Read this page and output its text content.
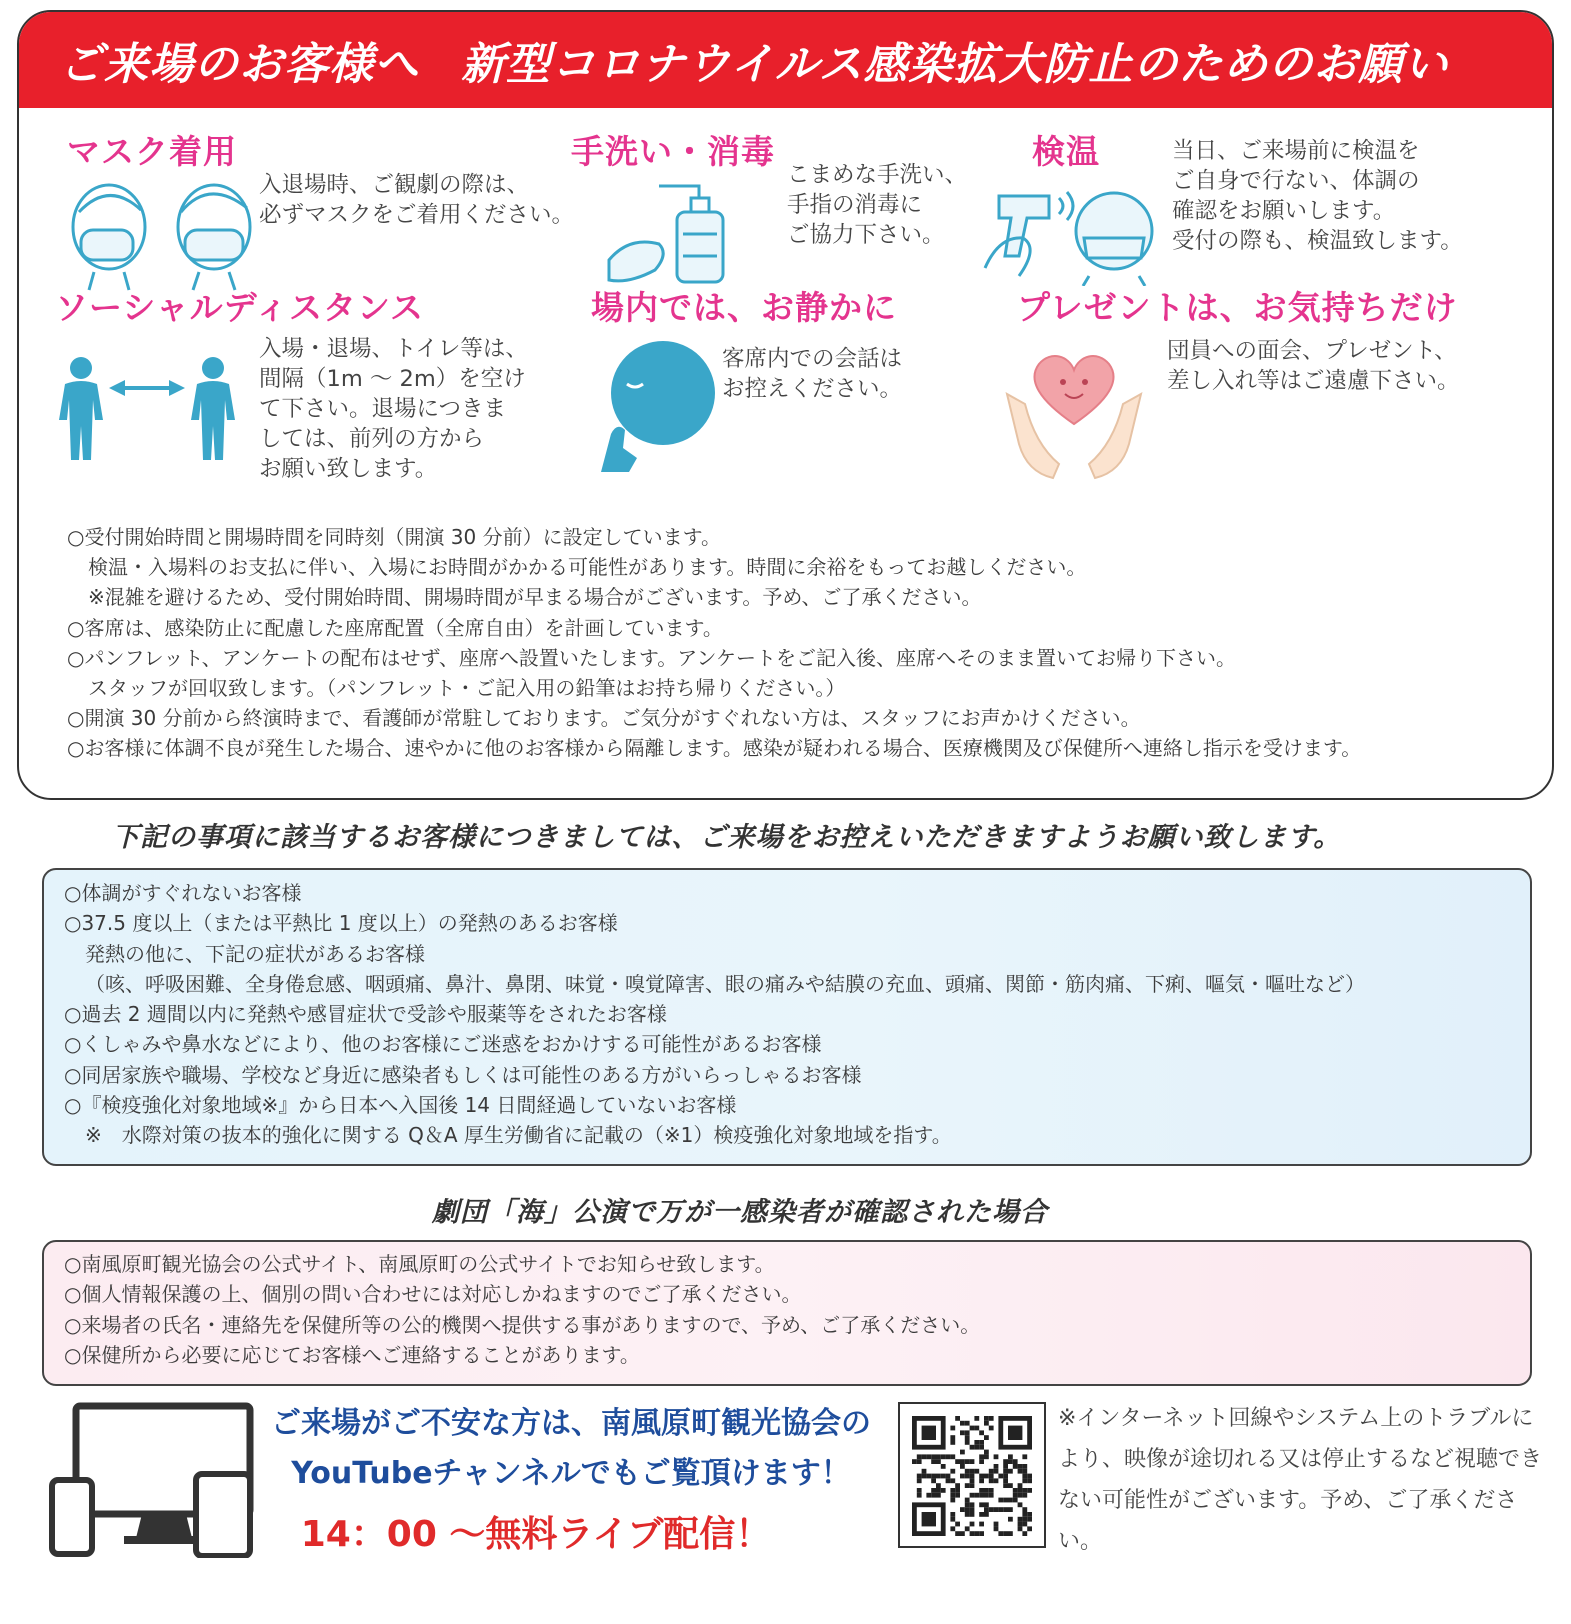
ご来場のお客様へ 新型コロナウイルス感染拡大防止のためのお願い
マスク着用
入退場時、ご観劇の際は、
必ずマスクをご着用ください。
手洗い・消毒
こまめな手洗い、
手指の消毒に
ご協力下さい。
検温	当日、ご来場前に検温を
ご自身で行ない、体調の
確認をお願いします。
受付の際も、検温致します。
ソーシャルディスタンス
入場・退場、トイレ等は、
間隔（1m ～ 2m）を空け
て下さい。退場につきま
しては、前列の方から
お願い致します。
場内では、お静かに
客席内での会話は
お控えください。
プレゼントは、お気持ちだけ
団員への面会、プレゼント、
差し入れ等はご遠慮下さい。
○受付開始時間と開場時間を同時刻（開演 30 分前）に設定しています。
検温・入場料のお支払に伴い、入場にお時間がかかる可能性があります。時間に余裕をもってお越しください。
※混雑を避けるため、受付開始時間、開場時間が早まる場合がございます。予め、ご了承ください。
○客席は、感染防止に配慮した座席配置（全席自由）を計画しています。
○パンフレット、アンケートの配布はせず、座席へ設置いたします。アンケートをご記入後、座席へそのまま置いてお帰り下さい。
スタッフが回収致します。（パンフレット・ご記入用の鉛筆はお持ち帰りください。）
○開演 30 分前から終演時まで、看護師が常駐しております。ご気分がすぐれない方は、スタッフにお声かけください。
○お客様に体調不良が発生した場合、速やかに他のお客様から隔離します。感染が疑われる場合、医療機関及び保健所へ連絡し指示を受けます。
下記の事項に該当するお客様につきましては、ご来場をお控えいただきますようお願い致します。
○体調がすぐれないお客様
○37.5 度以上（または平熱比 1 度以上）の発熱のあるお客様
発熱の他に、下記の症状があるお客様
（咳、呼吸困難、全身倦怠感、咽頭痛、鼻汁、鼻閉、味覚・嗅覚障害、眼の痛みや結膜の充血、頭痛、関節・筋肉痛、下痢、嘔気・嘔吐など）
○過去 2 週間以内に発熱や感冒症状で受診や服薬等をされたお客様
○くしゃみや鼻水などにより、他のお客様にご迷惑をおかけする可能性があるお客様
○同居家族や職場、学校など身近に感染者もしくは可能性のある方がいらっしゃるお客様
○『検疫強化対象地域※』から日本へ入国後 14 日間経過していないお客様
※　水際対策の抜本的強化に関する Q＆A 厚生労働省に記載の（※1）検疫強化対象地域を指す。
劇団「海」公演で万が一感染者が確認された場合
○南風原町観光協会の公式サイト、南風原町の公式サイトでお知らせ致します。
○個人情報保護の上、個別の問い合わせには対応しかねますのでご了承ください。
○来場者の氏名・連絡先を保健所等の公的機関へ提供する事がありますので、予め、ご了承ください。
○保健所から必要に応じてお客様へご連絡することがあります。
ご来場がご不安な方は、南風原町観光協会の
YouTubeチャンネルでもご覧頂けます！
14：00 ～無料ライブ配信！
※インターネット回線やシステム上のトラブルにより、映像が途切れる又は停止するなど視聴できない可能性がございます。予め、ご了承ください。
